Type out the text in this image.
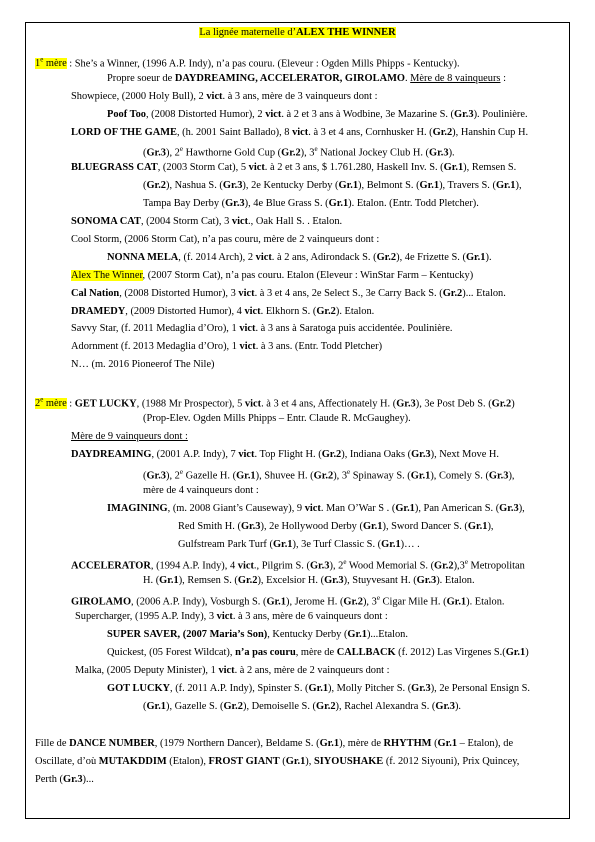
La lignée maternelle d’ALEX THE WINNER
1e mère : She’s a Winner, (1996 A.P. Indy), n’a pas couru. (Eleveur : Ogden Mills Phipps - Kentucky).
Propre soeur de DAYDREAMING, ACCELERATOR, GIROLAMO. Mère de 8 vainqueurs :
Showpiece, (2000 Holy Bull), 2 vict. à 3 ans, mère de 3 vainqueurs dont :
Poof Too, (2008 Distorted Humor), 2 vict. à 2 et 3 ans à Wodbine, 3e Mazarine S. (Gr.3). Poulinière.
LORD OF THE GAME, (h. 2001 Saint Ballado), 8 vict. à 3 et 4 ans, Cornhusker H. (Gr.2), Hanshin Cup H.
(Gr.3), 2e Hawthorne Gold Cup (Gr.2), 3e National Jockey Club H. (Gr.3).
BLUEGRASS CAT, (2003 Storm Cat), 5 vict. à 2 et 3 ans, $ 1.761.280, Haskell Inv. S. (Gr.1), Remsen S.
(Gr.2), Nashua S. (Gr.3), 2e Kentucky Derby (Gr.1), Belmont S. (Gr.1), Travers S. (Gr.1),
Tampa Bay Derby (Gr.3), 4e Blue Grass S. (Gr.1). Etalon. (Entr. Todd Pletcher).
SONOMA CAT, (2004 Storm Cat), 3 vict., Oak Hall S. . Etalon.
Cool Storm, (2006 Storm Cat), n’a pas couru, mère de 2 vainqueurs dont :
NONNA MELA, (f. 2014 Arch), 2 vict. à 2 ans, Adirondack S. (Gr.2), 4e Frizette S. (Gr.1).
Alex The Winner, (2007 Storm Cat), n’a pas couru. Etalon (Eleveur : WinStar Farm – Kentucky)
Cal Nation, (2008 Distorted Humor), 3 vict. à 3 et 4 ans, 2e Select S., 3e Carry Back S. (Gr.2)... Etalon.
DRAMEDY, (2009 Distorted Humor), 4 vict. Elkhorn S. (Gr.2). Etalon.
Savvy Star, (f. 2011 Medaglia d’Oro), 1 vict. à 3 ans à Saratoga puis accidentée. Poulinière.
Adornment (f. 2013 Medaglia d’Oro), 1 vict. à 3 ans. (Entr. Todd Pletcher)
N… (m. 2016 Pioneerof The Nile)
2e mère : GET LUCKY, (1988 Mr Prospector), 5 vict. à 3 et 4 ans, Affectionately H. (Gr.3), 3e Post Deb S. (Gr.2)
(Prop-Elev. Ogden Mills Phipps – Entr. Claude R. McGaughey).
Mère de 9 vainqueurs dont :
DAYDREAMING, (2001 A.P. Indy), 7 vict. Top Flight H. (Gr.2), Indiana Oaks (Gr.3), Next Move H.
(Gr.3), 2e Gazelle H. (Gr.1), Shuvee H. (Gr.2), 3e Spinaway S. (Gr.1), Comely S. (Gr.3),
mère de 4 vainqueurs dont :
IMAGINING, (m. 2008 Giant’s Causeway), 9 vict. Man O’War S . (Gr.1), Pan American S. (Gr.3),
Red Smith H. (Gr.3), 2e Hollywood Derby (Gr.1), Sword Dancer S. (Gr.1),
Gulfstream Park Turf (Gr.1), 3e Turf Classic S. (Gr.1)… .
ACCELERATOR, (1994 A.P. Indy), 4 vict., Pilgrim S. (Gr.3), 2e Wood Memorial S. (Gr.2),3e Metropolitan
H. (Gr.1), Remsen S. (Gr.2), Excelsior H. (Gr.3), Stuyvesant H. (Gr.3). Etalon.
GIROLAMO, (2006 A.P. Indy), Vosburgh S. (Gr.1), Jerome H. (Gr.2), 3e Cigar Mile H. (Gr.1). Etalon.
Supercharger, (1995 A.P. Indy), 3 vict. à 3 ans, mère de 6 vainqueurs dont :
SUPER SAVER, (2007 Maria’s Son), Kentucky Derby (Gr.1)...Etalon.
Quickest, (05 Forest Wildcat), n’a pas couru, mère de CALLBACK (f. 2012) Las Virgenes S.(Gr.1)
Malka, (2005 Deputy Minister), 1 vict. à 2 ans, mère de 2 vainqueurs dont :
GOT LUCKY, (f. 2011 A.P. Indy), Spinster S. (Gr.1), Molly Pitcher S. (Gr.3), 2e Personal Ensign S.
(Gr.1), Gazelle S. (Gr.2), Demoiselle S. (Gr.2), Rachel Alexandra S. (Gr.3).
Fille de DANCE NUMBER, (1979 Northern Dancer), Beldame S. (Gr.1), mère de RHYTHM (Gr.1 – Etalon), de
Oscillate, d’où MUTAKDDIM (Etalon), FROST GIANT (Gr.1), SIYOUSHAKE (f. 2012 Siyouni), Prix Quincey,
Perth (Gr.3)...
